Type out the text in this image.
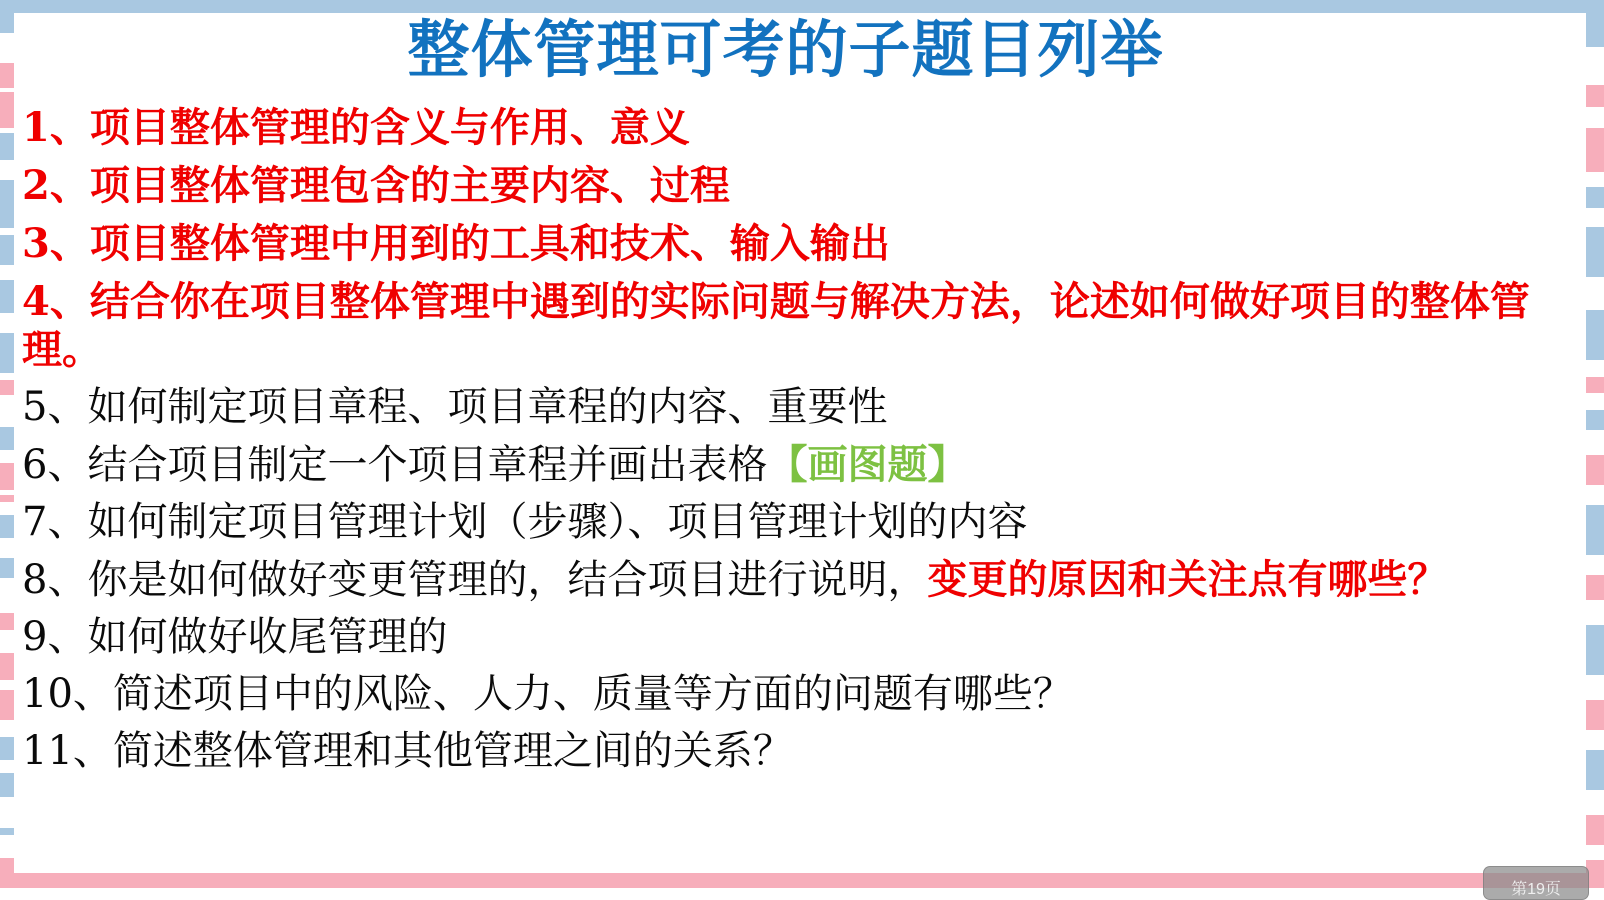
整体管理可考的子题目列举
1、项目整体管理的含义与作用、意义
2、项目整体管理包含的主要内容、过程
3、项目整体管理中用到的工具和技术、输入输出
4、结合你在项目整体管理中遇到的实际问题与解决方法，论述如何做好项目的整体管理。
5、如何制定项目章程、项目章程的内容、重要性
6、结合项目制定一个项目章程并画出表格【画图题】
7、如何制定项目管理计划（步骤）、项目管理计划的内容
8、你是如何做好变更管理的，结合项目进行说明，变更的原因和关注点有哪些？
9、如何做好收尾管理的
10、简述项目中的风险、人力、质量等方面的问题有哪些？
11、简述整体管理和其他管理之间的关系？
第19页
